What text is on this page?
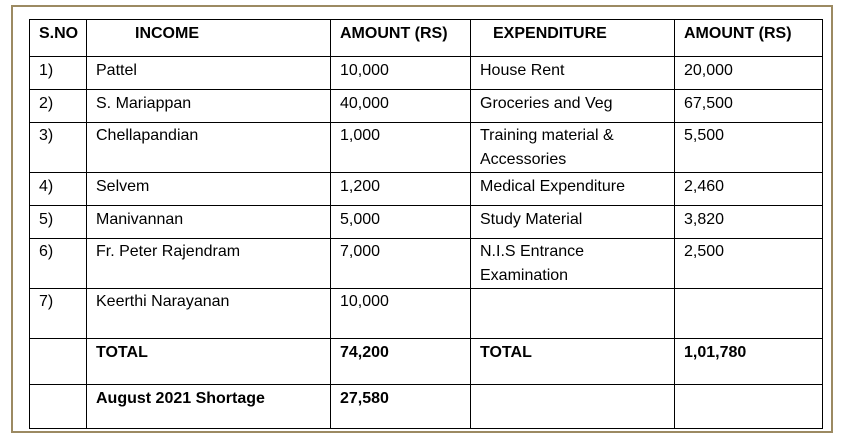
S.NO	INCOME	AMOUNT (RS)	EXPENDITURE	AMOUNT (RS)
1)	Pattel	10,000	House Rent	20,000
2)	S. Mariappan	40,000	Groceries and Veg	67,500
3)	Chellapandian	1,000	Training material & Accessories	5,500
4)	Selvem	1,200	Medical Expenditure	2,460
5)	Manivannan	5,000	Study Material	3,820
6)	Fr. Peter Rajendram	7,000	N.I.S Entrance Examination	2,500
7)	Keerthi Narayanan	10,000		
	TOTAL	74,200	TOTAL	1,01,780
	August 2021 Shortage	27,580		
